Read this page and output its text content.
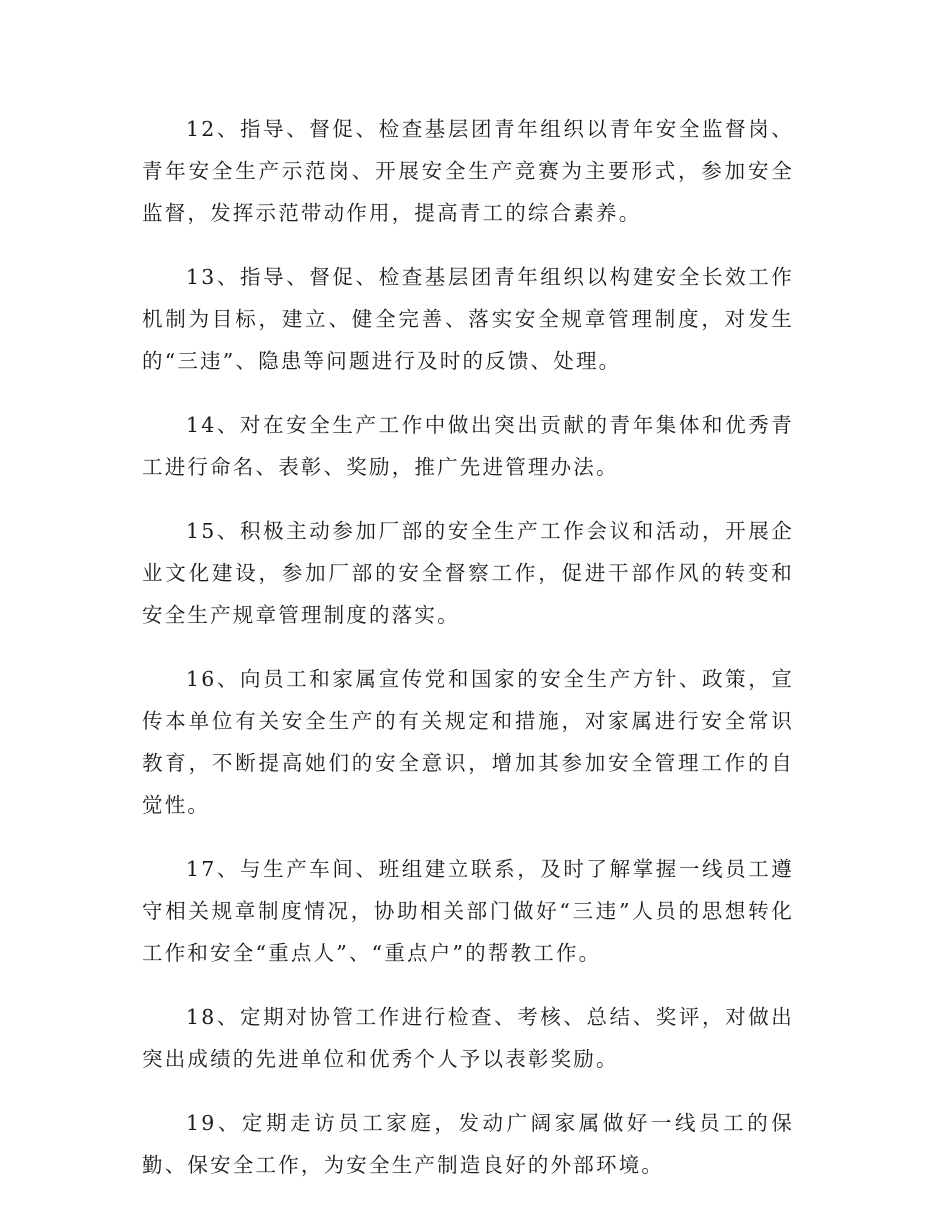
12、指导、督促、检查基层团青年组织以青年安全监督岗、青年安全生产示范岗、开展安全生产竞赛为主要形式，参加安全监督，发挥示范带动作用，提高青工的综合素养。

13、指导、督促、检查基层团青年组织以构建安全长效工作机制为目标，建立、健全完善、落实安全规章管理制度，对发生的“三违”、隐患等问题进行及时的反馈、处理。

14、对在安全生产工作中做出突出贡献的青年集体和优秀青工进行命名、表彰、奖励，推广先进管理办法。

15、积极主动参加厂部的安全生产工作会议和活动，开展企业文化建设，参加厂部的安全督察工作，促进干部作风的转变和安全生产规章管理制度的落实。

16、向员工和家属宣传党和国家的安全生产方针、政策，宣传本单位有关安全生产的有关规定和措施，对家属进行安全常识教育，不断提高她们的安全意识，增加其参加安全管理工作的自觉性。

17、与生产车间、班组建立联系，及时了解掌握一线员工遵守相关规章制度情况，协助相关部门做好“三违”人员的思想转化工作和安全“重点人”、“重点户”的帮教工作。

18、定期对协管工作进行检查、考核、总结、奖评，对做出突出成绩的先进单位和优秀个人予以表彰奖励。

19、定期走访员工家庭，发动广阔家属做好一线员工的保勤、保安全工作，为安全生产制造良好的外部环境。
